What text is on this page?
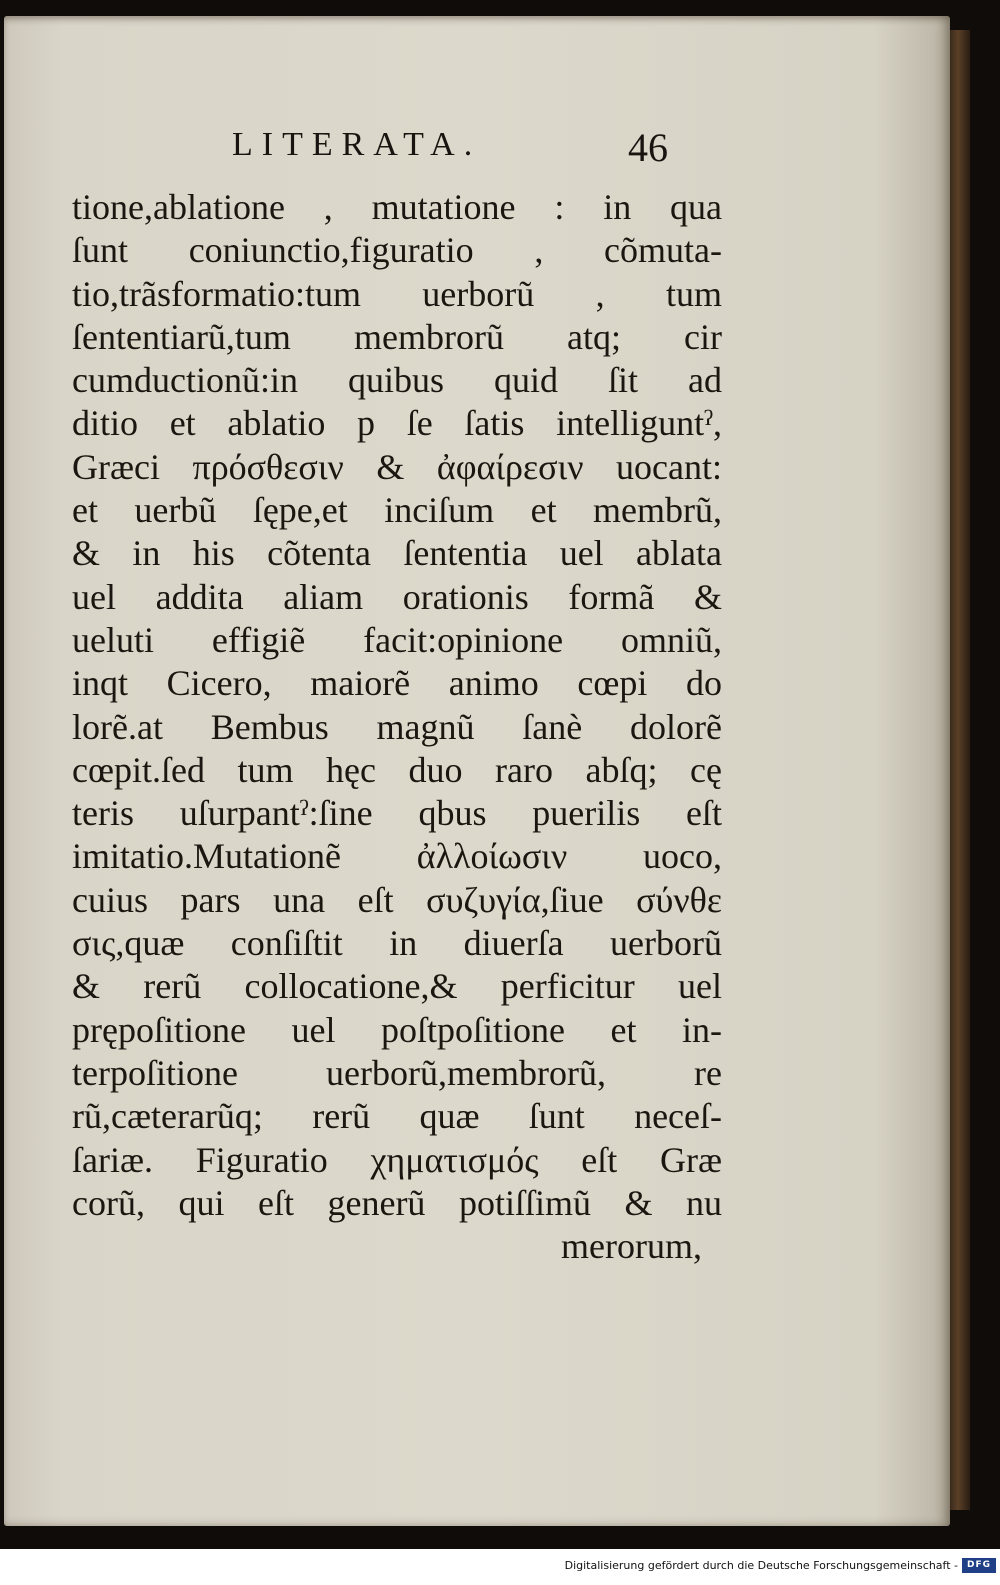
LITERATA.	46
tione,ablatione , mutatione : in qua
ſunt coniunctio,figuratio , cõmuta-
tio,trãsformatio:tum uerborũ , tum
ſententiarũ,tum membrorũ atq; cir
cumductionũ:in quibus quid ſit ad
ditio et ablatio p ſe ſatis intelliguntˀ,
Græci πρόσθεσιν & ἀφαίρεσιν uocant:
et uerbũ ſępe,et inciſum et membrũ,
& in his cõtenta ſententia uel ablata
uel addita aliam orationis formã &
ueluti effigiẽ facit:opinione omniũ,
inqt Cicero, maiorẽ animo cœpi do
lorẽ.at Bembus magnũ ſanè dolorẽ
cœpit.ſed tum hęc duo raro abſq; cę
teris uſurpantˀ:ſine qbus puerilis eſt
imitatio.Mutationẽ ἀλλοίωσιν uoco,
cuius pars una eſt συζυγία,ſiue σύνθε
σις,quæ conſiſtit in diuerſa uerborũ
& rerũ collocatione,& perficitur uel
prępoſitione uel poſtpoſitione et in-
terpoſitione uerborũ,membrorũ, re
rũ,cæterarũq; rerũ quæ ſunt neceſ-
ſariæ. Figuratio χηματισμός eſt Græ
corũ, qui eſt generũ potiſſimũ & nu
merorum,
Digitalisierung gefördert durch die Deutsche Forschungsgemeinschaft - DFG
